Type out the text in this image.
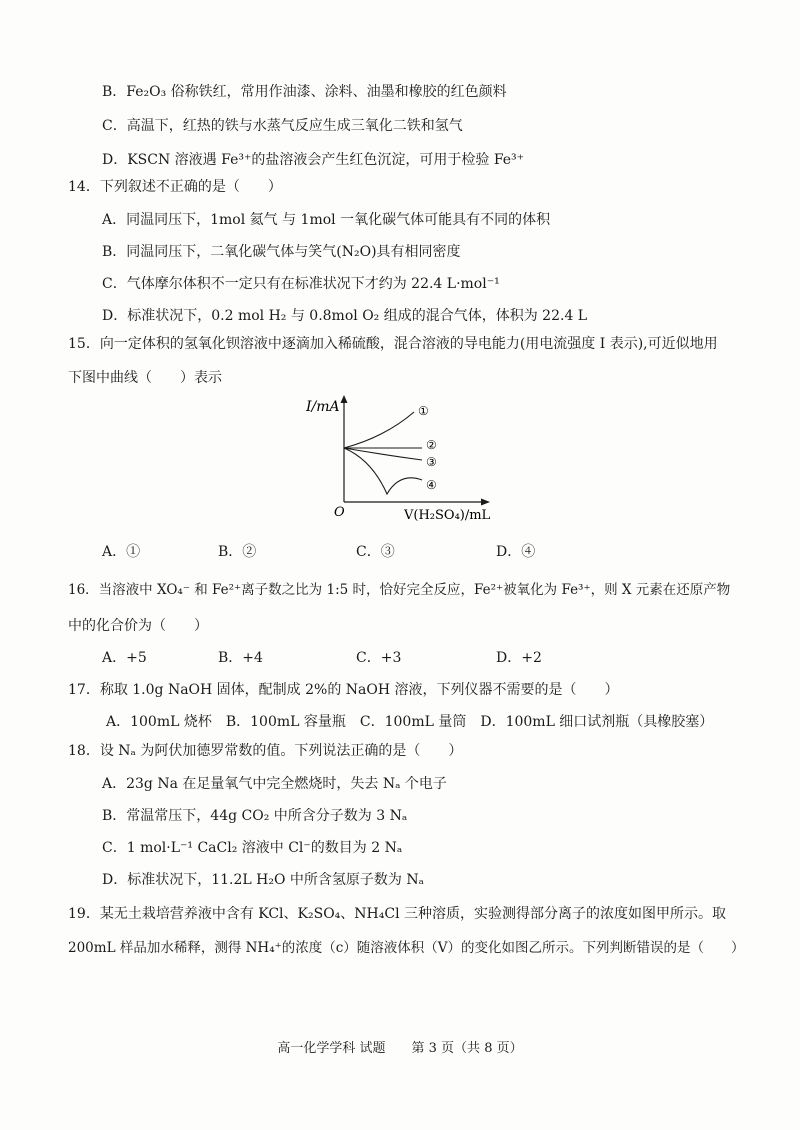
B．Fe₂O₃ 俗称铁红，常用作油漆、涂料、油墨和橡胶的红色颜料
C．高温下，红热的铁与水蒸气反应生成三氧化二铁和氢气
D．KSCN 溶液遇 Fe³⁺的盐溶液会产生红色沉淀，可用于检验 Fe³⁺
14．下列叙述不正确的是（　　）
A．同温同压下，1mol 氦气 与 1mol 一氧化碳气体可能具有不同的体积
B．同温同压下，二氧化碳气体与笑气(N₂O)具有相同密度
C．气体摩尔体积不一定只有在标准状况下才约为 22.4 L·mol⁻¹
D．标准状况下，0.2 mol H₂ 与 0.8mol O₂ 组成的混合气体，体积为 22.4 L
15．向一定体积的氢氧化钡溶液中逐滴加入稀硫酸，混合溶液的导电能力(用电流强度 I 表示),可近似地用
下图中曲线（　　）表示
I/mA
O	V(H₂SO₄)/mL
①
②
③
④
A．①	B．②	C．③	D．④
16．当溶液中 XO₄⁻ 和 Fe²⁺离子数之比为 1:5 时，恰好完全反应，Fe²⁺被氧化为 Fe³⁺，则 X 元素在还原产物
中的化合价为（　　）
A．+5	B．+4	C．+3	D．+2
17．称取 1.0g NaOH 固体，配制成 2%的 NaOH 溶液，下列仪器不需要的是（　　）
A．100mL 烧杯　B．100mL 容量瓶　C．100mL 量筒　D．100mL 细口试剂瓶（具橡胶塞）
18．设 Nₐ 为阿伏加德罗常数的值。下列说法正确的是（　　）
A．23g Na 在足量氧气中完全燃烧时，失去 Nₐ 个电子
B．常温常压下，44g CO₂ 中所含分子数为 3 Nₐ
C．1 mol·L⁻¹ CaCl₂ 溶液中 Cl⁻的数目为 2 Nₐ
D．标准状况下，11.2L H₂O 中所含氢原子数为 Nₐ
19．某无土栽培营养液中含有 KCl、K₂SO₄、NH₄Cl 三种溶质，实验测得部分离子的浓度如图甲所示。取
200mL 样品加水稀释，测得 NH₄⁺的浓度（c）随溶液体积（V）的变化如图乙所示。下列判断错误的是（　　）
高一化学学科 试题　　第 3 页（共 8 页）
